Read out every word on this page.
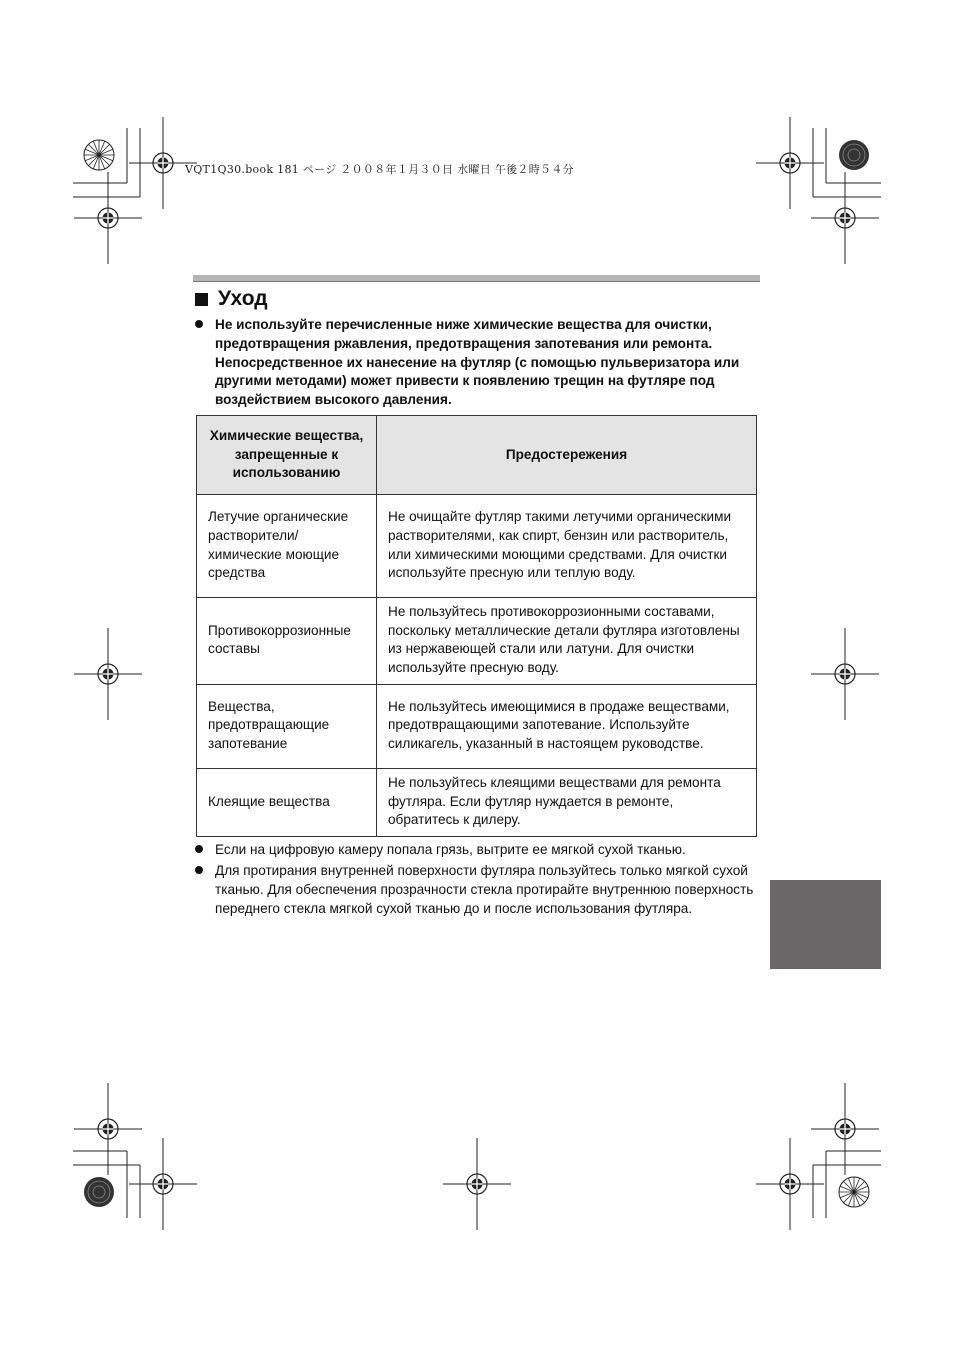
VQT1Q30.book 181 ページ ２００８年１月３０日 水曜日 午後２時５４分
Уход
Не используйте перечисленные ниже химические вещества для очистки, предотвращения ржавления, предотвращения запотевания или ремонта. Непосредственное их нанесение на футляр (с помощью пульверизатора или другими методами) может привести к появлению трещин на футляре под воздействием высокого давления.
Химические вещества, запрещенные к использованию	Предостережения
Летучие органические растворители/ химические моющие средства	Не очищайте футляр такими летучими органическими растворителями, как спирт, бензин или растворитель, или химическими моющими средствами. Для очистки используйте пресную или теплую воду.
Противокоррозионные составы	Не пользуйтесь противокоррозионными составами, поскольку металлические детали футляра изготовлены из нержавеющей стали или латуни. Для очистки используйте пресную воду.
Вещества, предотвращающие запотевание	Не пользуйтесь имеющимися в продаже веществами, предотвращающими запотевание. Используйте силикагель, указанный в настоящем руководстве.
Клеящие вещества	Не пользуйтесь клеящими веществами для ремонта футляра. Если футляр нуждается в ремонте, обратитесь к дилеру.
Если на цифровую камеру попала грязь, вытрите ее мягкой сухой тканью.
Для протирания внутренней поверхности футляра пользуйтесь только мягкой сухой тканью. Для обеспечения прозрачности стекла протирайте внутреннюю поверхность переднего стекла мягкой сухой тканью до и после использования футляра.
